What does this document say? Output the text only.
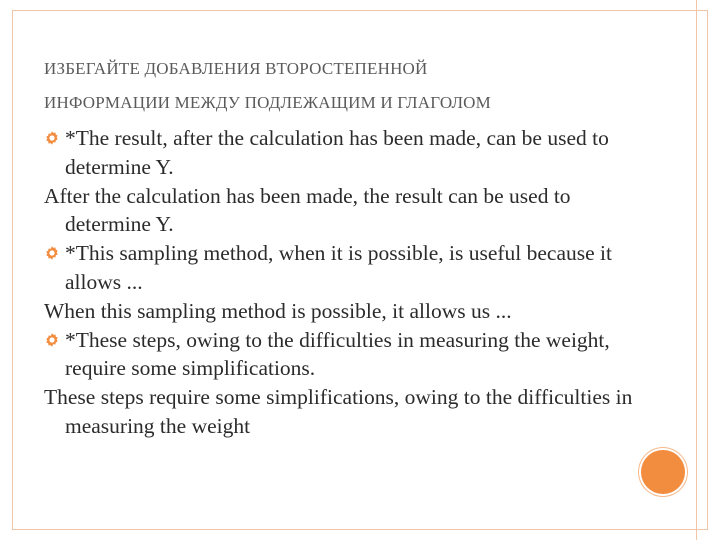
ИЗБЕГАЙТЕ ДОБАВЛЕНИЯ ВТОРОСТЕПЕННОЙ
ИНФОРМАЦИИ МЕЖДУ ПОДЛЕЖАЩИМ И ГЛАГОЛОМ

*The result, after the calculation has been made, can be used to determine Y.

After the calculation has been made, the result can be used to determine Y.

*This sampling method, when it is possible, is useful because it allows ...

When this sampling method is possible, it allows us ...

*These steps, owing to the difficulties in measuring the weight, require some simplifications.

These steps require some simplifications, owing to the difficulties in measuring the weight
